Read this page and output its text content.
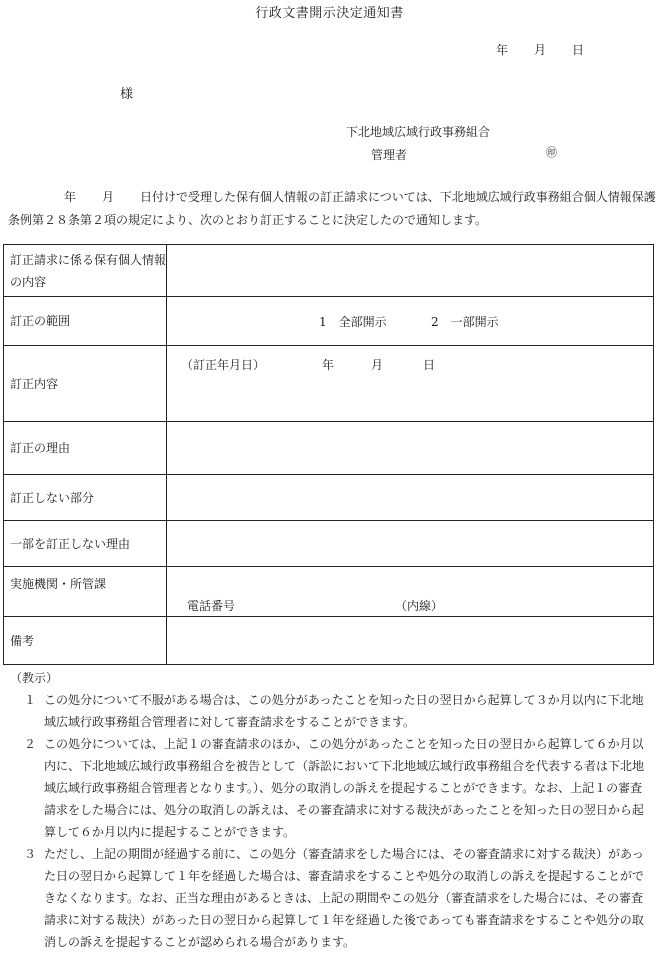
行政文書開示決定通知書
年 月 日
様
下北地域広域行政事務組合
管理者	㊞
年 月 日付けで受理した保有個人情報の訂正請求については、下北地域広域行政事務組合個人情報保護条例第２８条第２項の規定により、次のとおり訂正することに決定したので通知します。
訂正請求に係る保有個人情報の内容	
訂正の範囲	1　全部開示 2　一部開示
訂正内容	（訂正年月日） 年 月 日

訂正の理由	
訂正しない部分	
一部を訂正しない理由	
実施機関・所管課	電話番号 （内線）

備考	
（教示）
１ この処分について不服がある場合は、この処分があったことを知った日の翌日から起算して３か月以内に下北地域広域行政事務組合管理者に対して審査請求をすることができます。
２ この処分については、上記１の審査請求のほか、この処分があったことを知った日の翌日から起算して６か月以内に、下北地域広域行政事務組合を被告として（訴訟において下北地域広域行政事務組合を代表する者は下北地域広域行政事務組合管理者となります。）、処分の取消しの訴えを提起することができます。なお、上記１の審査請求をした場合には、処分の取消しの訴えは、その審査請求に対する裁決があったことを知った日の翌日から起算して６か月以内に提起することができます。
３ ただし、上記の期間が経過する前に、この処分（審査請求をした場合には、その審査請求に対する裁決）があった日の翌日から起算して１年を経過した場合は、審査請求をすることや処分の取消しの訴えを提起することができなくなります。なお、正当な理由があるときは、上記の期間やこの処分（審査請求をした場合には、その審査請求に対する裁決）があった日の翌日から起算して１年を経過した後であっても審査請求をすることや処分の取消しの訴えを提起することが認められる場合があります。
